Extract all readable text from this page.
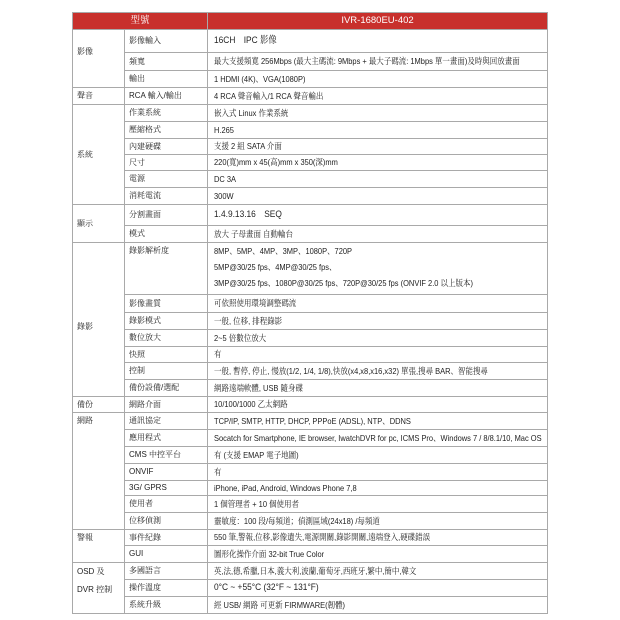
型號		IVR-1680EU-402
影像	影像輸入	16CH　IPC 影像
	頻寬	最大支援頻寬 256Mbps (最大主碼流: 9Mbps + 最大子碼流: 1Mbps 單一畫面)及時與回放畫面
	輸出	1 HDMI (4K)、VGA(1080P)
聲音	RCA 輸入/輸出	4 RCA 聲音輸入/1 RCA 聲音輸出
系統	作業系統	嵌入式 Linux 作業系統
	壓縮格式	H.265
	內建硬碟	支援 2 組 SATA 介面
	尺寸	220(寬)mm x 45(高)mm x 350(深)mm
	電源	DC 3A
	消耗電流	300W
顯示	分割畫面	1.4.9.13.16　SEQ
	模式	放大 子母畫面 自動輪台
錄影	錄影解析度	8MP、5MP、4MP、3MP、1080P、720P
5MP@30/25 fps、4MP@30/25 fps、
3MP@30/25 fps、1080P@30/25 fps、720P@30/25 fps (ONVIF 2.0 以上版本)

	影像畫質	可依照使用環境調整碼流
	錄影模式	一般, 位移, 排程錄影
	數位放大	2~5 倍數位放大
	快照	有
	控制	一般, 暫停, 停止, 慢放(1/2, 1/4, 1/8),快放(x4,x8,x16,x32) 單張,搜尋 BAR、智能搜尋
	備份設備/選配	網路遠端軟體, USB 隨身碟
備份	網路介面	10/100/1000 乙太網路
網路	通訊協定	TCP/IP, SMTP, HTTP, DHCP, PPPoE (ADSL), NTP、DDNS
	應用程式	Socatch for Smartphone, IE browser, IwatchDVR for pc, ICMS Pro、Windows 7 / 8/8.1/10, Mac OS
	CMS 中控平台	有 (支援 EMAP 電子地圖)
	ONVIF	有
	3G/ GPRS	iPhone, iPad, Android, Windows Phone 7,8
	使用者	1 個管理者 + 10 個使用者
	位移偵測	靈敏度：100 段/每頻道；偵測區域(24x18) /每頻道
警報	事件紀錄	550 筆,警報,位移,影像遺失,電源開關,錄影開關,遠端登入,硬碟錯誤
	GUI	圖形化操作介面 32-bit True Color

OSD 及
DVR 控制	多國語言	英,法,德,希臘,日本,義大利,波蘭,葡萄牙,西班牙,繁中,簡中,韓文
	操作溫度	0°C ~ +55°C (32°F ~ 131°F)
	系統升級	經 USB/ 網路 可更新 FIRMWARE(韌體)
